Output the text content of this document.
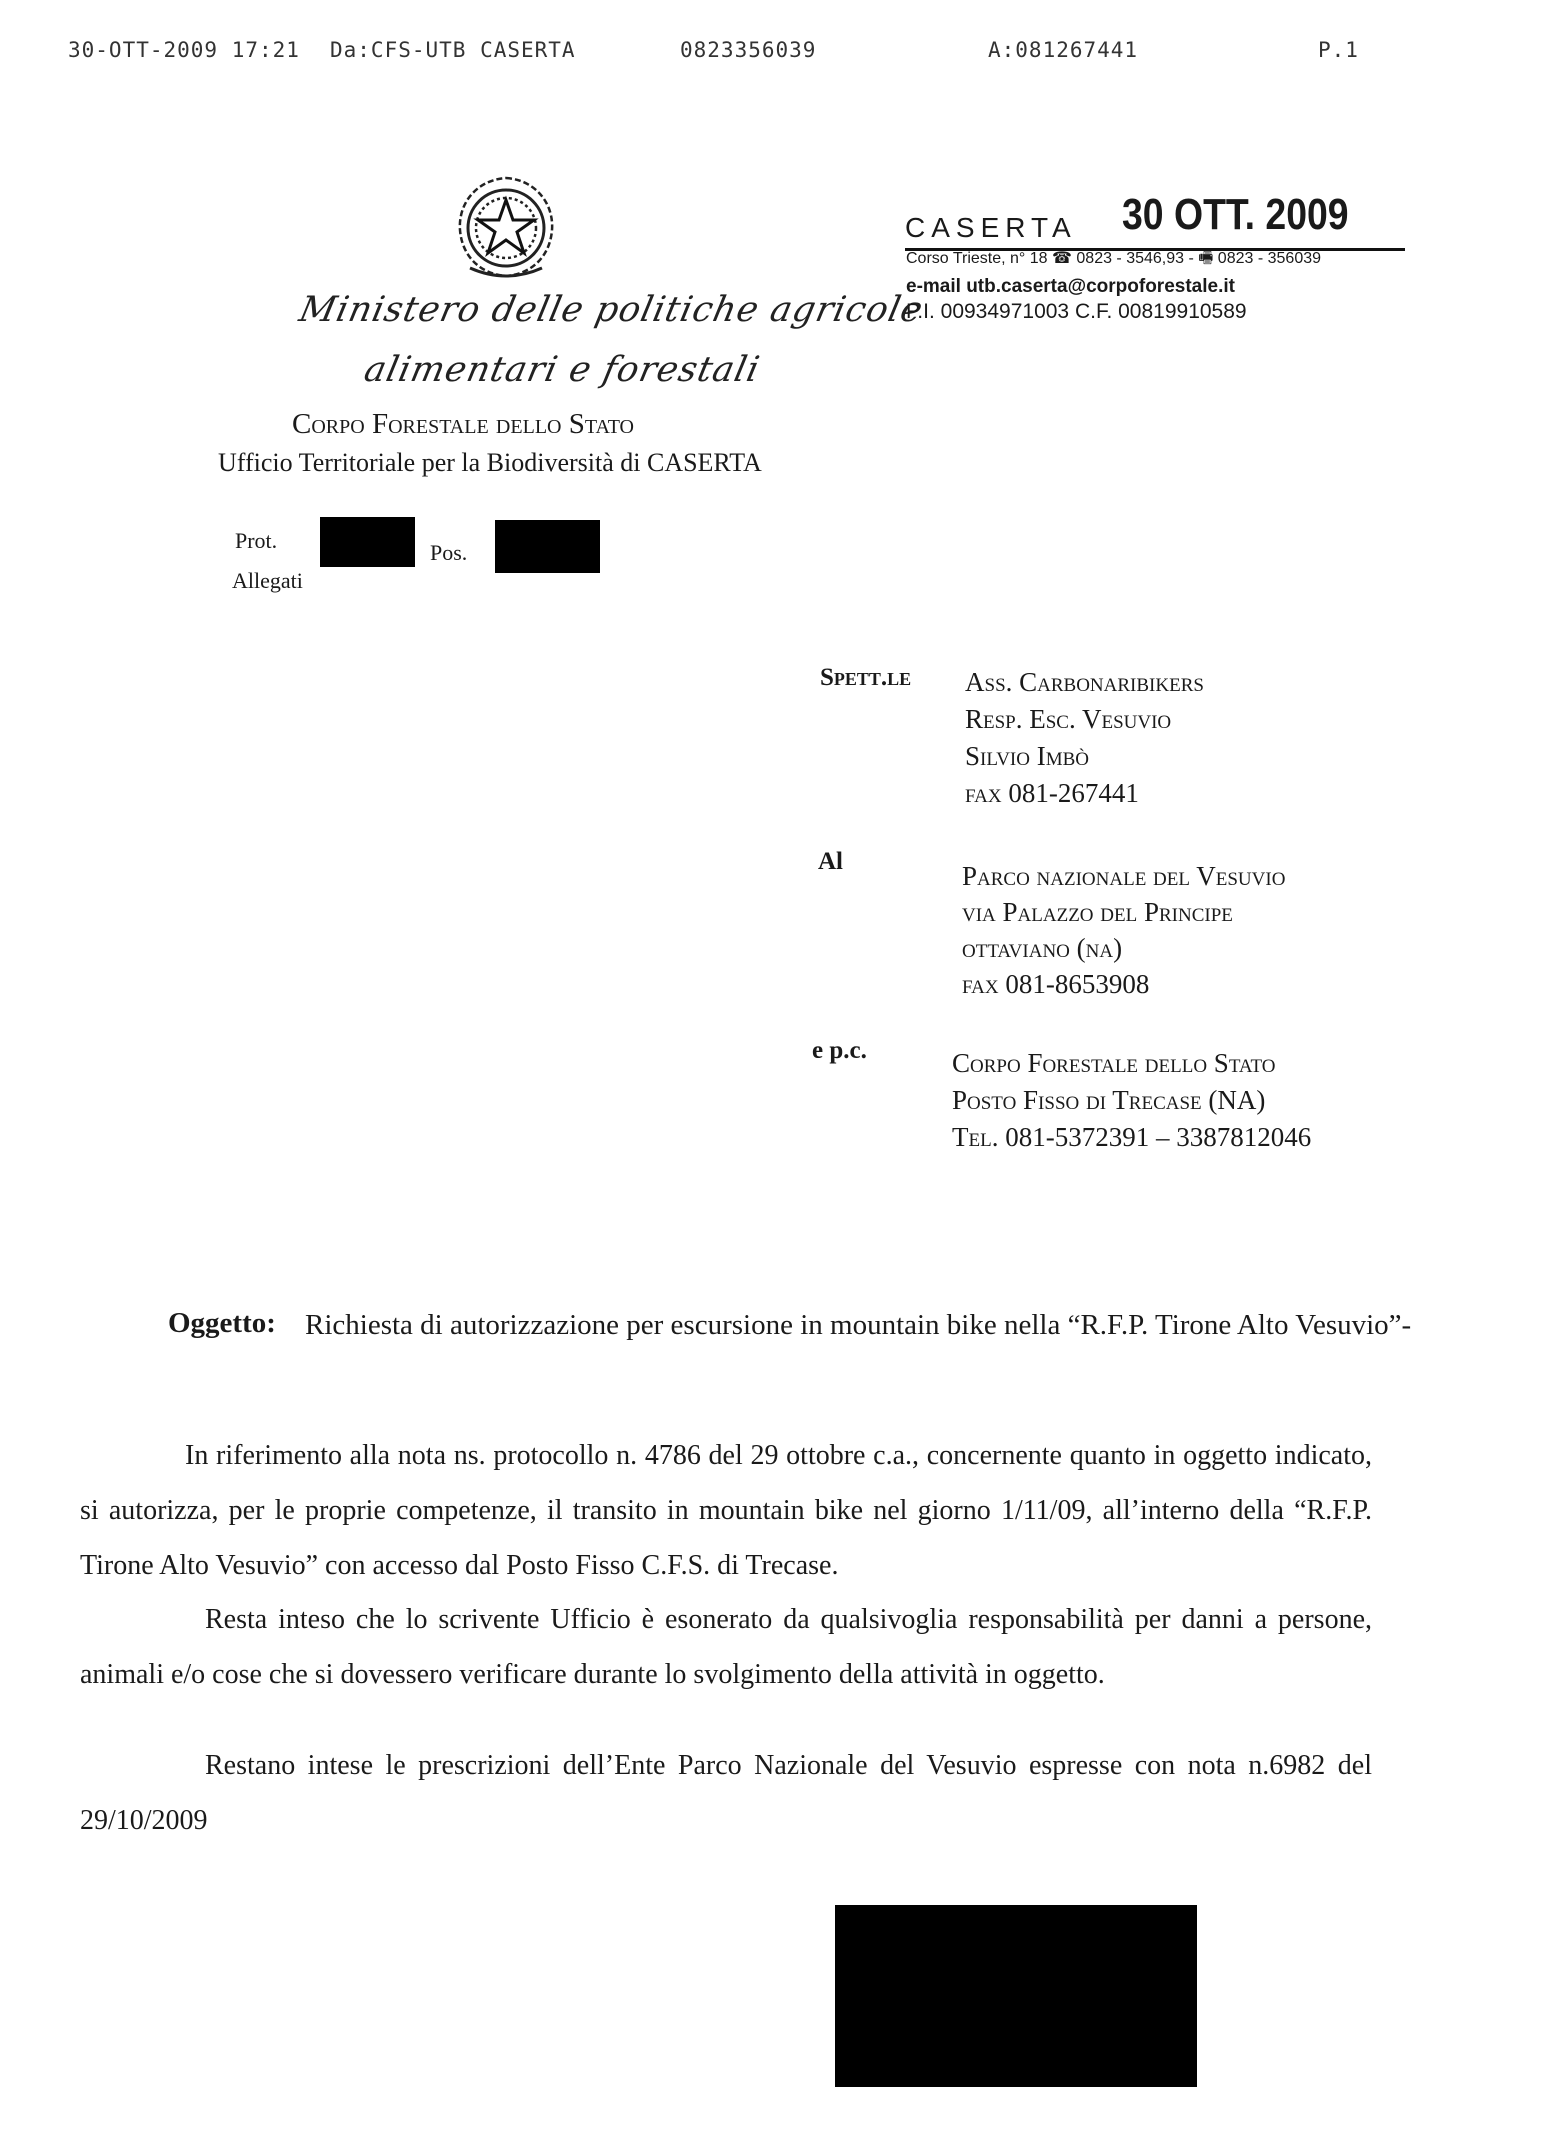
30-OTT-2009 17:21 Da:CFS-UTB CASERTA	0823356039	A:081267441	P.1
Ministero delle politiche agricole
alimentari e forestali
Corpo Forestale dello Stato
Ufficio Territoriale per la Biodiversità di CASERTA
CASERTA 30 OTT. 2009
Corso Trieste, n° 18 ☎ 0823 - 3546,93 - 🖷 0823 - 356039
e-mail utb.caserta@corpoforestale.it
P.I. 00934971003 C.F. 00819910589
Prot.
Allegati
Pos.
Spett.le Ass. Carbonaribikers
Resp. Esc. Vesuvio
Silvio Imbò
fax 081-267441
Al	Parco nazionale del Vesuvio
via Palazzo del Principe
ottaviano (na)
fax 081-8653908
e p.c.	Corpo Forestale dello Stato
Posto Fisso di Trecase (NA)
Tel. 081-5372391 – 3387812046
Oggetto: Richiesta di autorizzazione per escursione in mountain bike nella “R.F.P. Tirone Alto Vesuvio”-
In riferimento alla nota ns. protocollo n. 4786 del 29 ottobre c.a., concernente quanto in oggetto indicato, si autorizza, per le proprie competenze, il transito in mountain bike nel giorno 1/11/09, all’interno della “R.F.P. Tirone Alto Vesuvio” con accesso dal Posto Fisso C.F.S. di Trecase.
Resta inteso che lo scrivente Ufficio è esonerato da qualsivoglia responsabilità per danni a persone, animali e/o cose che si dovessero verificare durante lo svolgimento della attività in oggetto.
Restano intese le prescrizioni dell’Ente Parco Nazionale del Vesuvio espresse con nota n.6982 del 29/10/2009
